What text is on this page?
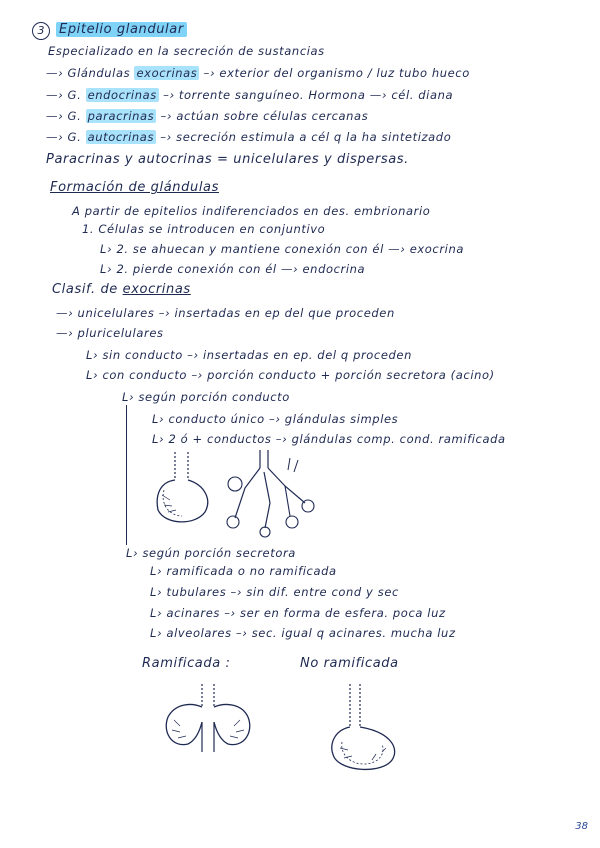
3	Epitelio glandular
Especializado en la secreción de sustancias
—› Glándulas exocrinas –› exterior del organismo / luz tubo hueco
—› G. endocrinas –› torrente sanguíneo. Hormona —› cél. diana
—› G. paracrinas –› actúan sobre células cercanas
—› G. autocrinas –› secreción estimula a cél q la ha sintetizado
Paracrinas y autocrinas = unicelulares y dispersas.
Formación de glándulas
A partir de epitelios indiferenciados en des. embrionario
1. Células se introducen en conjuntivo
L› 2. se ahuecan y mantiene conexión con él —› exocrina
L› 2. pierde conexión con él —› endocrina
Clasif. de exocrinas
—› unicelulares –› insertadas en ep del que proceden
—› pluricelulares
L› sin conducto –› insertadas en ep. del q proceden
L› con conducto –› porción conducto + porción secretora (acino)
L› según porción conducto
L› conducto único –› glándulas simples
L› 2 ó + conductos –› glándulas comp. cond. ramificada
L› según porción secretora
L› ramificada o no ramificada
L› tubulares –› sin dif. entre cond y sec
L› acinares –› ser en forma de esfera. poca luz
L› alveolares –› sec. igual q acinares. mucha luz
Ramificada :	No ramificada
38
